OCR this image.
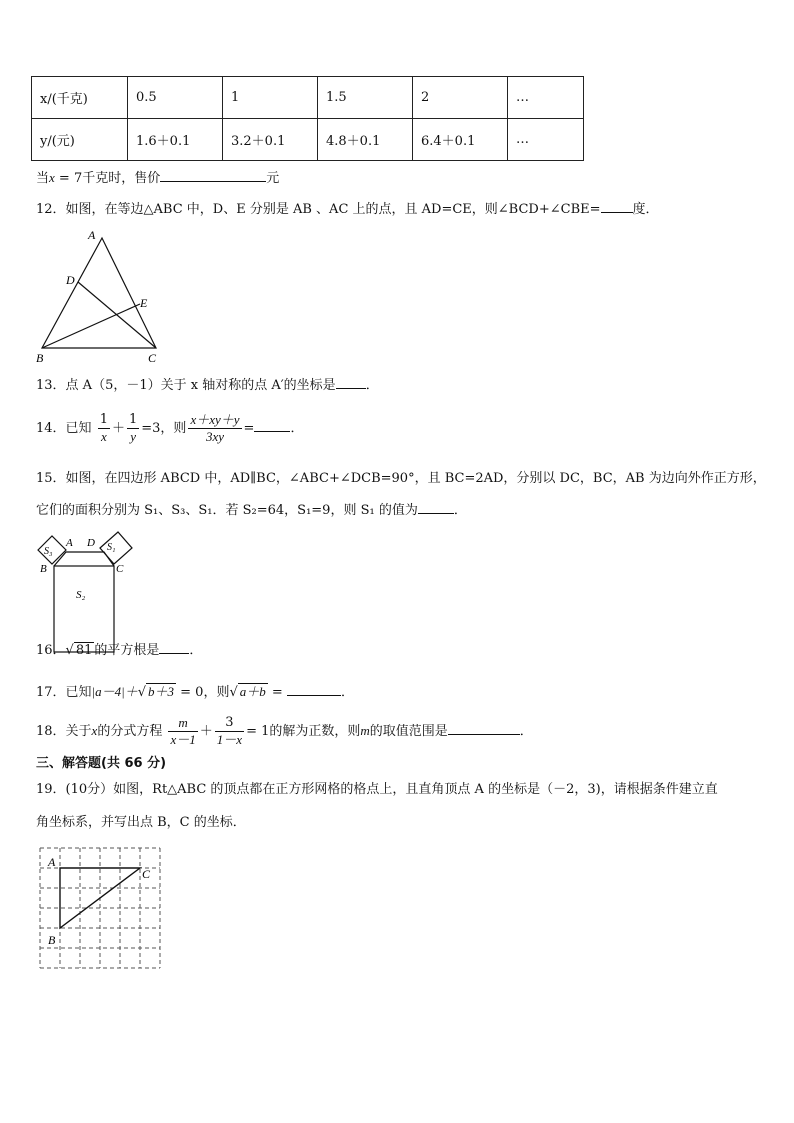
x/(千克)	0.5	1	1.5	2	…
y/(元)	1.6＋0.1	3.2＋0.1	4.8＋0.1	6.4＋0.1	…
当x = 7千克时，售价	元
12．如图，在等边△ABC 中，D、E 分别是 AB 、AC 上的点，且 AD=CE，则∠BCD+∠CBE= 度．
A
D
E
B	C
13．点 A（5，－1）关于 x 轴对称的点 A′的坐标是 ．
14．已知 $\frac{1}{x} + \frac{1}{y} =3$，则 $\frac{x+xy+y}{3xy}$ =	．
15．如图，在四边形 ABCD 中，AD∥BC，∠ABC+∠DCB=90°，且 BC=2AD，分别以 DC，BC，AB 为边向外作正方形，
它们的面积分别为 S₁、S₃、S₁．若 S₂=64，S₁=9，则 S₁ 的值为	．
S₃
A D S₁
B	C
S₂
16．√ 81 的平方根是 ．
17．已知|a－4|＋√ b＋3 = 0，则√ a＋b =	．
18．关于x的分式方程 $\frac{m}{x-1} + \frac{3}{1-x} = 1$的解为正数，则m的取值范围是	．
三、解答题(共 66 分)
19．(10分）如图，Rt△ABC 的顶点都在正方形网格的格点上，且直角顶点 A 的坐标是（－2，3)，请根据条件建立直
角坐标系，并写出点 B，C 的坐标．
A
C
B
